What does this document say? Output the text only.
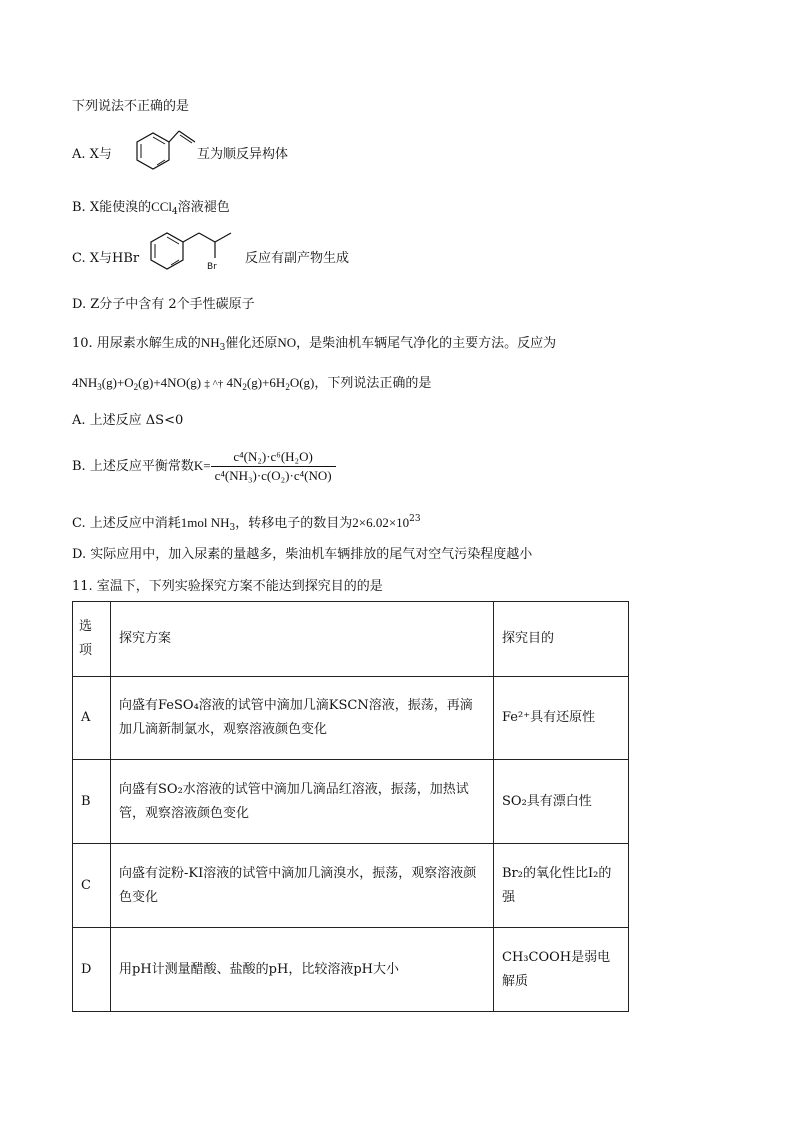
下列说法不正确的是
A. X与	互为顺反异构体
B. X能使溴的CCl$_4$溶液褪色
C. X与HBr
Br
反应有副产物生成
D. Z分子中含有 2个手性碳原子
10. 用尿素水解生成的$NH_3$催化还原NO，是柴油机车辆尾气净化的主要方法。反应为
$4NH_3(g)+O_2(g)+4NO(g)$ ‡ ^† $4N_2(g)+6H_2O(g)$，下列说法正确的是
A. 上述反应 ΔS<0
B. 上述反应平衡常数$K= \frac{\text{c⁴(N₂)·c⁶(H₂O)}}{\text{c⁴(NH₃)·c(O₂)·c⁴(NO)}}$
C. 上述反应中消耗1mol $NH_3$，转移电子的数目为$2\times 6.02\times 10^{23}$
D. 实际应用中，加入尿素的量越多，柴油机车辆排放的尾气对空气污染程度越小
11. 室温下，下列实验探究方案不能达到探究目的的是
选项	探究方案	探究目的
A	向盛有FeSO₄溶液的试管中滴加几滴KSCN溶液，振荡，再滴加几滴新制氯水，观察溶液颜色变化	Fe²⁺具有还原性
B	向盛有SO₂水溶液的试管中滴加几滴品红溶液，振荡，加热试管，观察溶液颜色变化	SO₂具有漂白性
C	向盛有淀粉-KI溶液的试管中滴加几滴溴水，振荡，观察溶液颜色变化	Br₂的氧化性比I₂的强
D	用pH计测量醋酸、盐酸的pH，比较溶液pH大小	CH₃COOH是弱电解质
